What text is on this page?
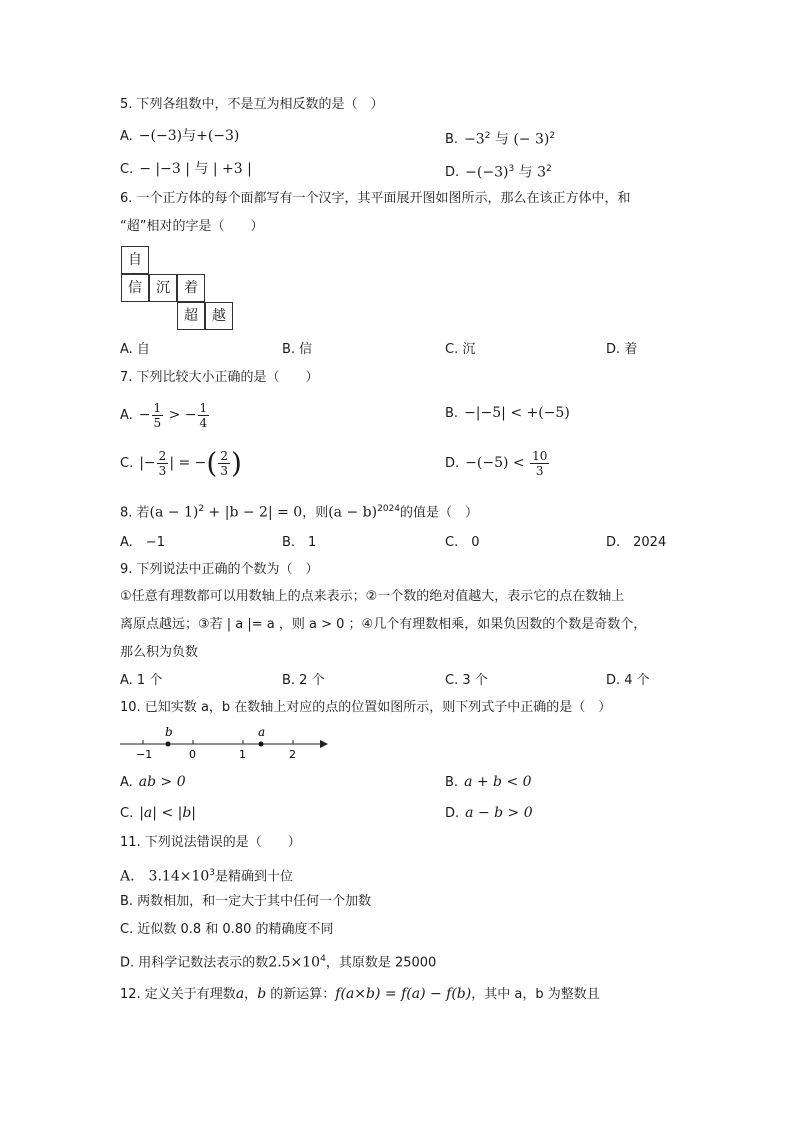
5. 下列各组数中，不是互为相反数的是（　）
A. −(−3)与+(−3)	B. $-3^2$ 与 (− 3)$^2$
C. − |−3 | 与 | +3 |	D. $-(-3)^3$ 与 $3^2$
6. 一个正方体的每个面都写有一个汉字，其平面展开图如图所示，那么在该正方体中，和
“超”相对的字是（　　）
自
信	沉	着
超	越
A. 自	B. 信	C. 沉	D. 着
7. 下列比较大小正确的是（　　）
A. − $\frac{1}{5}$ > − $\frac{1}{4}$	B. −|−5| < +(−5)
C. |− $\frac{2}{3}$ | = −( $\frac{2}{3}$ )	D. $-(-5) < \frac{10}{3}$
8. 若$(a - 1)^2 + |b - 2| = 0$，则$(a - b)^{2024}$的值是（　）
A.　−1	B.　1	C.　0	D.　2024
9. 下列说法中正确的个数为（　）
①任意有理数都可以用数轴上的点来表示；②一个数的绝对值越大，表示它的点在数轴上
离原点越远；③若 | a |= a ，则 a > 0 ；④几个有理数相乘，如果负因数的个数是奇数个，
那么积为负数
A. 1 个	B. 2 个	C. 3 个	D. 4 个
10. 已知实数 a，b 在数轴上对应的点的位置如图所示，则下列式子中正确的是（　）
b	a
−1	0	1	2
A. ab > 0	B. a + b < 0
C. |a| < |b|	D. a − b > 0
11. 下列说法错误的是（　　）
A.　$3.14\times 10^3$是精确到十位
B. 两数相加，和一定大于其中任何一个加数
C. 近似数 0.8 和 0.80 的精确度不同
D. 用科学记数法表示的数$2.5\times 10^4$，其原数是 25000
12. 定义关于有理数a，b 的新运算：f(a×b) = f(a) − f(b)，其中 a，b 为整数且
